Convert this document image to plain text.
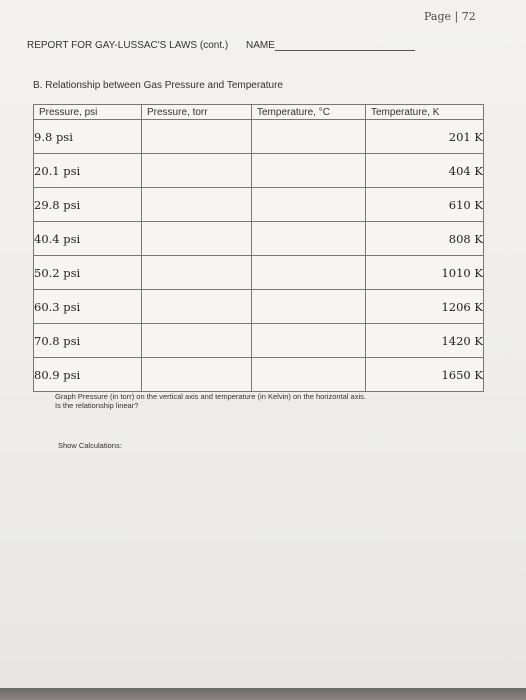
Page | 72
REPORT FOR GAY-LUSSAC'S LAWS (cont.) NAME
B. Relationship between Gas Pressure and Temperature
Pressure, psi	Pressure, torr	Temperature, °C	Temperature, K
9.8 psi			201 K
20.1 psi			404 K
29.8 psi			610 K
40.4 psi			808 K
50.2 psi			1010 K
60.3 psi			1206 K
70.8 psi			1420 K
80.9 psi			1650 K
Graph Pressure (in torr) on the vertical axis and temperature (in Kelvin) on the horizontal axis.
Is the relationship linear?
Show Calculations:
